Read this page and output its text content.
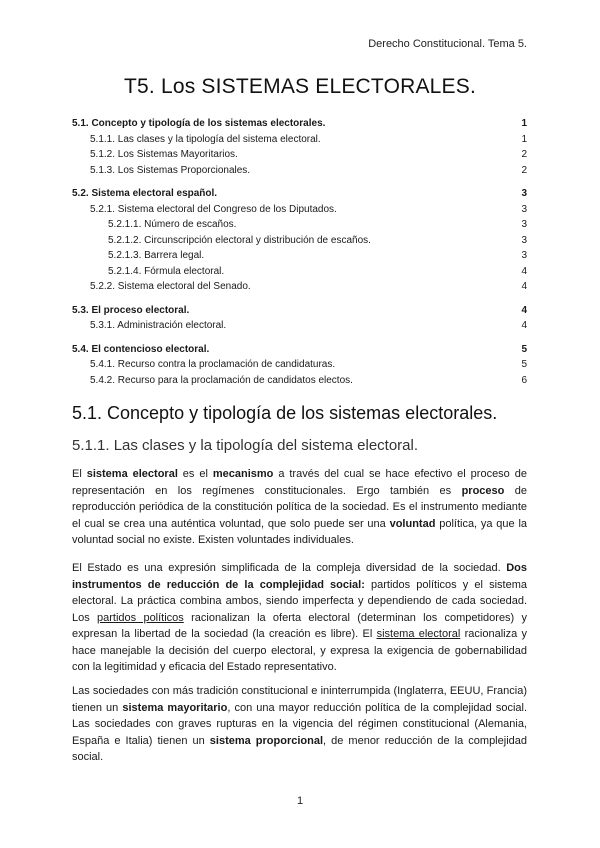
Derecho Constitucional. Tema 5.
T5. Los SISTEMAS ELECTORALES.
5.1. Concepto y tipología de los sistemas electorales.	1
5.1.1. Las clases y la tipología del sistema electoral.	1
5.1.2. Los Sistemas Mayoritarios.	2
5.1.3. Los Sistemas Proporcionales.	2
5.2. Sistema electoral español.	3
5.2.1. Sistema electoral del Congreso de los Diputados.	3
5.2.1.1. Número de escaños.	3
5.2.1.2. Circunscripción electoral y distribución de escaños.	3
5.2.1.3. Barrera legal.	3
5.2.1.4. Fórmula electoral.	4
5.2.2. Sistema electoral del Senado.	4
5.3. El proceso electoral.	4
5.3.1. Administración electoral.	4
5.4. El contencioso electoral.	5
5.4.1. Recurso contra la proclamación de candidaturas.	5
5.4.2. Recurso para la proclamación de candidatos electos.	6
5.1. Concepto y tipología de los sistemas electorales.
5.1.1. Las clases y la tipología del sistema electoral.

El sistema electoral es el mecanismo a través del cual se hace efectivo el proceso de representación en los regímenes constitucionales. Ergo también es proceso de reproducción periódica de la constitución política de la sociedad. Es el instrumento mediante el cual se crea una auténtica voluntad, que solo puede ser una voluntad política, ya que la voluntad social no existe. Existen voluntades individuales.

El Estado es una expresión simplificada de la compleja diversidad de la sociedad. Dos instrumentos de reducción de la complejidad social: partidos políticos y el sistema electoral. La práctica combina ambos, siendo imperfecta y dependiendo de cada sociedad. Los partidos políticos racionalizan la oferta electoral (determinan los competidores) y expresan la libertad de la sociedad (la creación es libre). El sistema electoral racionaliza y hace manejable la decisión del cuerpo electoral, y expresa la exigencia de gobernabilidad con la legitimidad y eficacia del Estado representativo.

Las sociedades con más tradición constitucional e ininterrumpida (Inglaterra, EEUU, Francia) tienen un sistema mayoritario, con una mayor reducción política de la complejidad social. Las sociedades con graves rupturas en la vigencia del régimen constitucional (Alemania, España e Italia) tienen un sistema proporcional, de menor reducción de la complejidad social.

1
